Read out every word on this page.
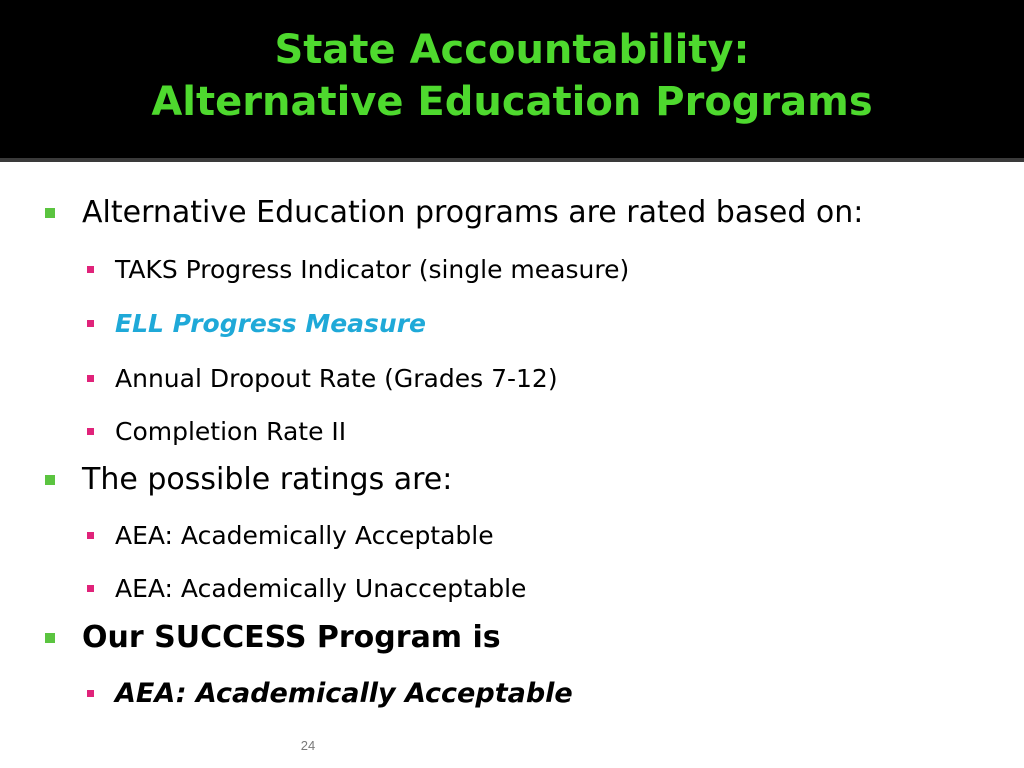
State Accountability:
Alternative Education Programs
Alternative Education programs are rated based on:
TAKS Progress Indicator (single measure)
ELL Progress Measure
Annual Dropout Rate (Grades 7-12)
Completion Rate II
The possible ratings are:
AEA: Academically Acceptable
AEA: Academically Unacceptable
Our SUCCESS Program is
AEA: Academically Acceptable
24
